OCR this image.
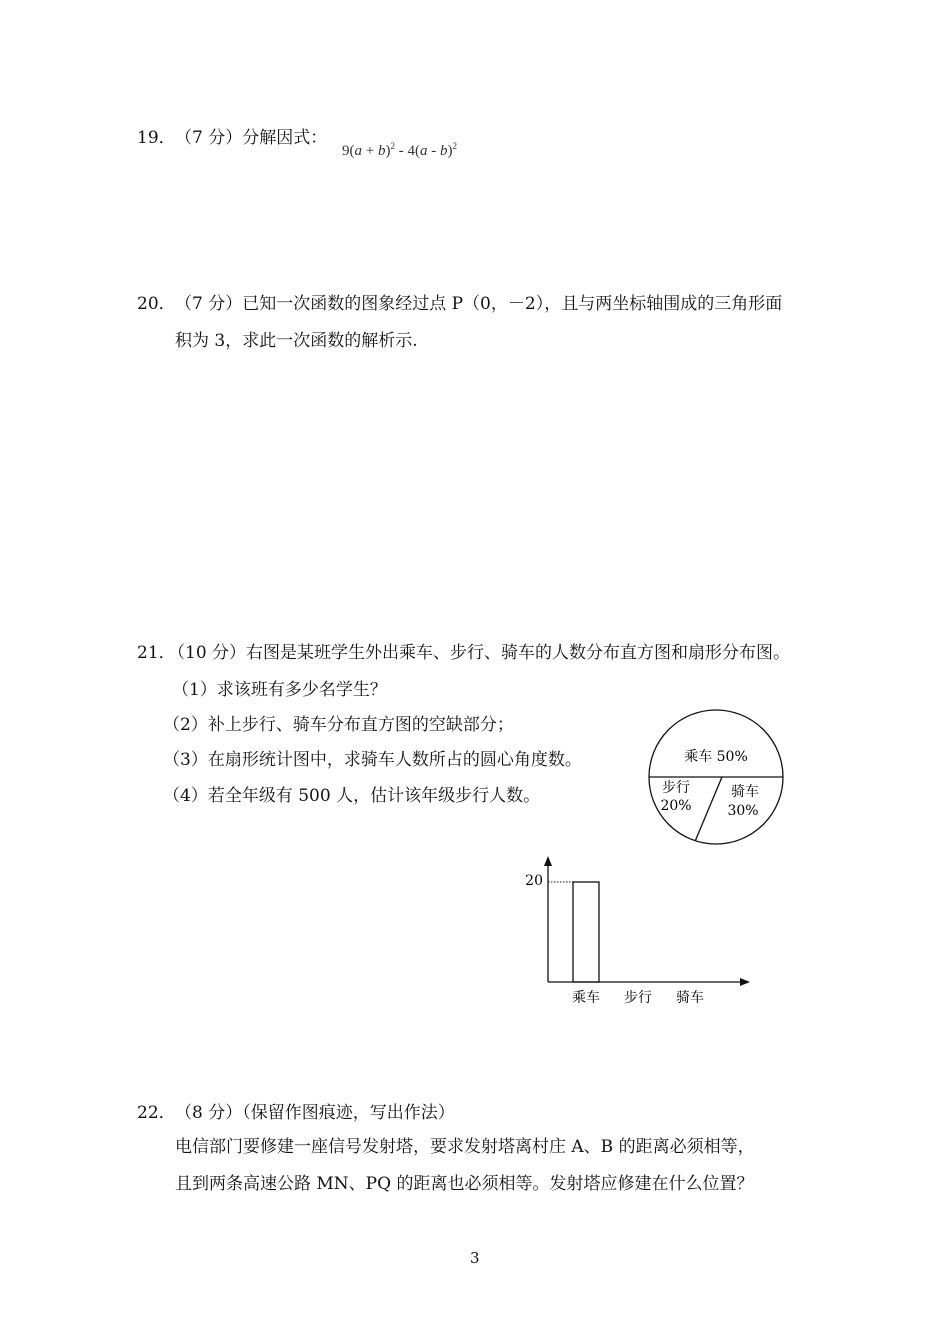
19． （7 分）分解因式：
$9(a + b)^2 - 4(a - b)^2$
20． （7 分）已知一次函数的图象经过点 P（0，－2），且与两坐标轴围成的三角形面
积为 3，求此一次函数的解析示.
21．
（10 分）右图是某班学生外出乘车、步行、骑车的人数分布直方图和扇形分布图。
（1）求该班有多少名学生？
（2）补上步行、骑车分布直方图的空缺部分；
（3）在扇形统计图中，求骑车人数所占的圆心角度数。
（4）若全年级有 500 人，估计该年级步行人数。
乘车 50%
步行
20%
骑车
30%
乘车 步行 骑车
20
22． （8 分）（保留作图痕迹，写出作法）
电信部门要修建一座信号发射塔，要求发射塔离村庄 A、B 的距离必须相等，
且到两条高速公路 MN、PQ 的距离也必须相等。发射塔应修建在什么位置？
3
